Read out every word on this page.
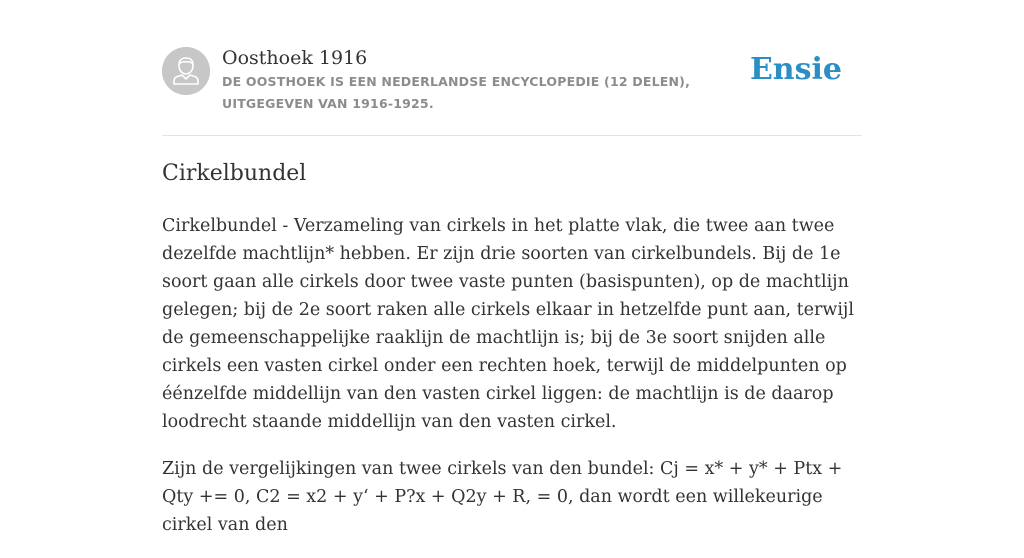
Oosthoek 1916
DE OOSTHOEK IS EEN NEDERLANDSE ENCYCLOPEDIE (12 DELEN), UITGEGEVEN VAN 1916-1925.
Ensie
Cirkelbundel

Cirkelbundel - Verzameling van cirkels in het platte vlak, die twee aan twee dezelfde machtlijn* hebben. Er zijn drie soorten van cirkelbundels. Bij de 1e soort gaan alle cirkels door twee vaste punten (basispunten), op de machtlijn gelegen; bij de 2e soort raken alle cirkels elkaar in hetzelfde punt aan, terwijl de gemeenschappelijke raaklijn de machtlijn is; bij de 3e soort snijden alle cirkels een vasten cirkel onder een rechten hoek, terwijl de middelpunten op éénzelfde middellijn van den vasten cirkel liggen: de machtlijn is de daarop loodrecht staande middellijn van den vasten cirkel.

Zijn de vergelijkingen van twee cirkels van den bundel: Cj = x* + y* + Ptx + Qty += 0, C2 = x2 + y‘ + P?x + Q2y + R, = 0, dan wordt een willekeurige cirkel van den
